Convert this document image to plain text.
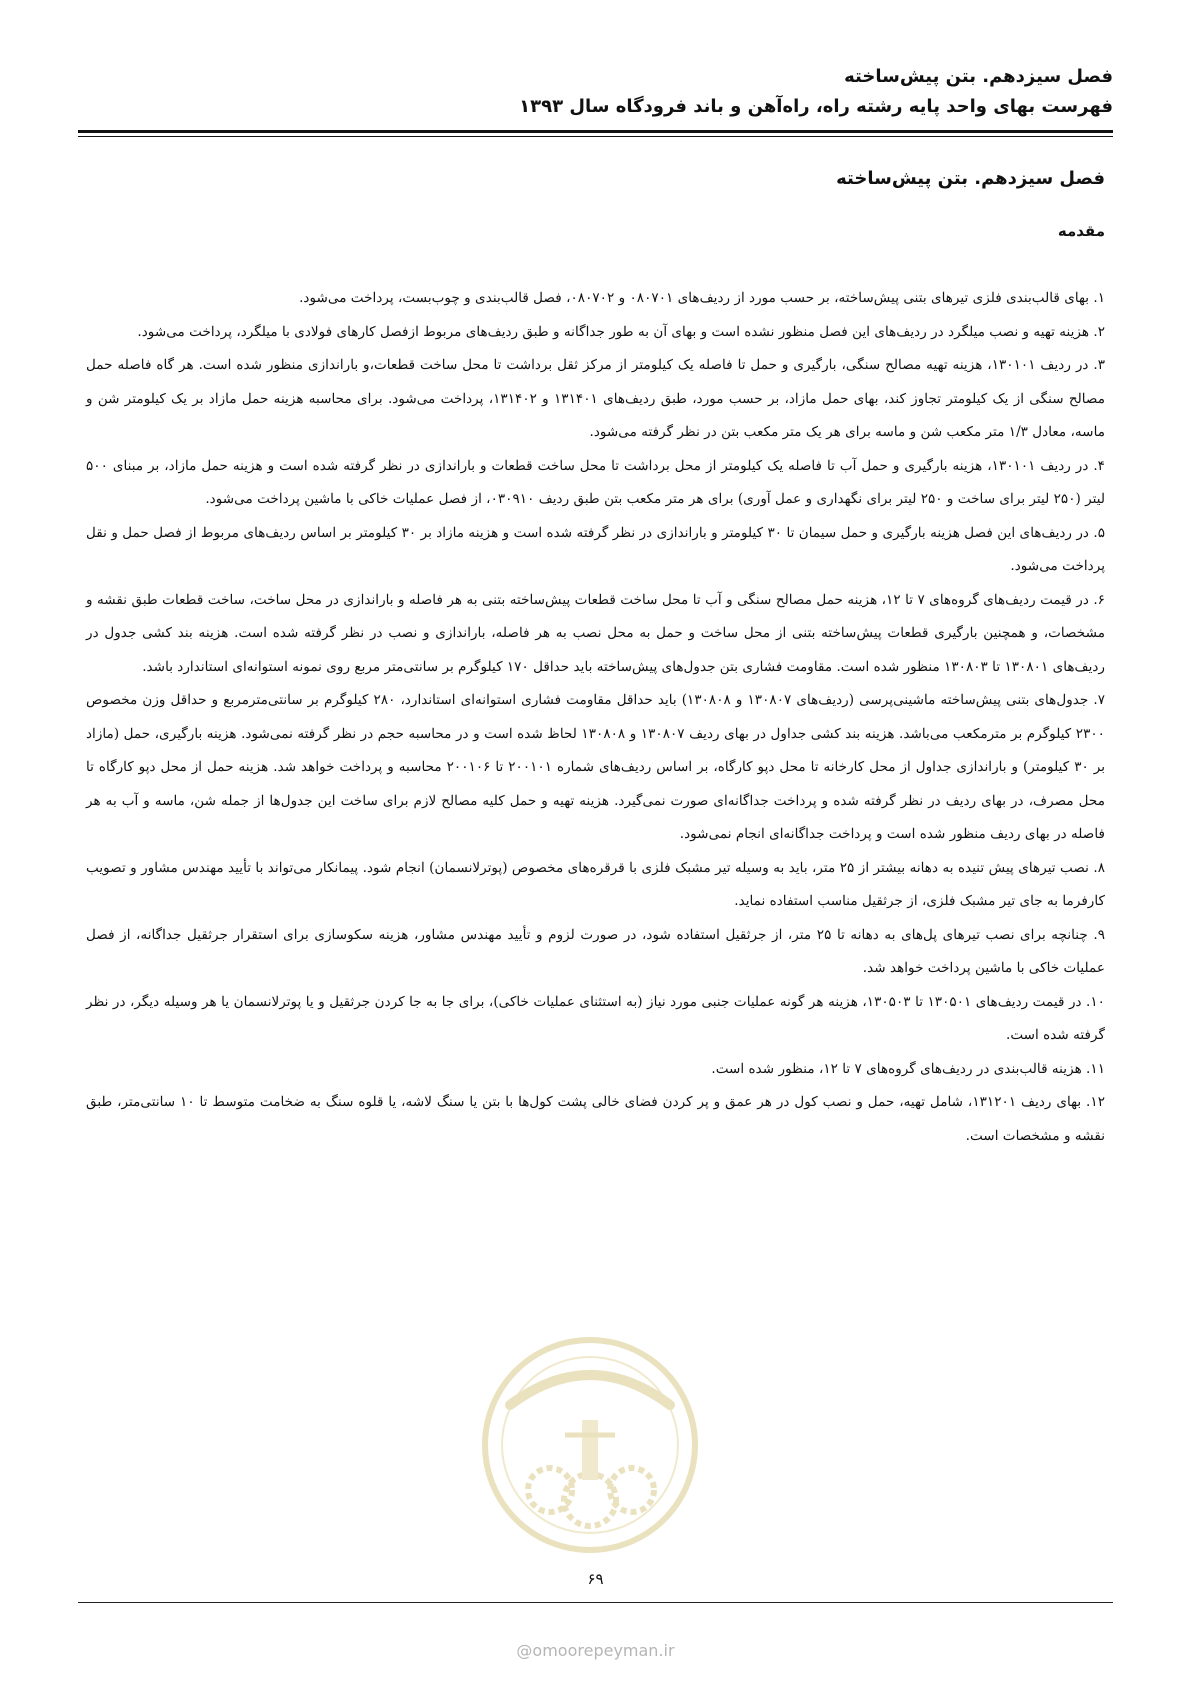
فصل سیزدهم. بتن پیش‌ساخته
فهرست بهای واحد پایه رشته راه، راه‌آهن و باند فرودگاه سال ۱۳۹۳
فصل سیزدهم. بتن پیش‌ساخته
مقدمه

۱. بهای قالب‌بندی فلزی تیرهای بتنی پیش‌ساخته، بر حسب مورد از ردیف‌های ۰۸۰۷۰۱ و ۰۸۰۷۰۲، فصل قالب‌بندی و چوب‌بست، پرداخت می‌شود.

۲. هزینه تهیه و نصب میلگرد در ردیف‌های این فصل منظور نشده است و بهای آن به طور جداگانه و طبق ردیف‌های مربوط ازفصل کارهای فولادی با میلگرد، پرداخت می‌شود.

۳. در ردیف ۱۳۰۱۰۱، هزینه تهیه مصالح سنگی، بارگیری و حمل تا فاصله یک کیلومتر از مرکز ثقل برداشت تا محل ساخت قطعات،و باراندازی منظور شده است. هر گاه فاصله حمل مصالح سنگی از یک کیلومتر تجاوز کند، بهای حمل مازاد، بر حسب مورد، طبق ردیف‌های ۱۳۱۴۰۱ و ۱۳۱۴۰۲، پرداخت می‌شود. برای محاسبه هزینه حمل مازاد بر یک کیلومتر شن و ماسه، معادل ۱/۳ متر مکعب شن و ماسه برای هر یک متر مکعب بتن در نظر گرفته می‌شود.

۴. در ردیف ۱۳۰۱۰۱، هزینه بارگیری و حمل آب تا فاصله یک کیلومتر از محل برداشت تا محل ساخت قطعات و باراندازی در نظر گرفته شده است و هزینه حمل مازاد، بر مبنای ۵۰۰ لیتر (۲۵۰ لیتر برای ساخت و ۲۵۰ لیتر برای نگهداری و عمل آوری) برای هر متر مکعب بتن طبق ردیف ۰۳۰۹۱۰، از فصل عملیات خاکی با ماشین پرداخت می‌شود.

۵. در ردیف‌های این فصل هزینه بارگیری و حمل سیمان تا ۳۰ کیلومتر و باراندازی در نظر گرفته شده است و هزینه مازاد بر ۳۰ کیلومتر بر اساس ردیف‌های مربوط از فصل حمل و نقل پرداخت می‌شود.

۶. در قیمت ردیف‌های گروه‌های ۷ تا ۱۲، هزینه حمل مصالح سنگی و آب تا محل ساخت قطعات پیش‌ساخته بتنی به هر فاصله و باراندازی در محل ساخت، ساخت قطعات طبق نقشه و مشخصات، و همچنین بارگیری قطعات پیش‌ساخته بتنی از محل ساخت و حمل به محل نصب به هر فاصله، باراندازی و نصب در نظر گرفته شده است. هزینه بند کشی جدول در ردیف‌های ۱۳۰۸۰۱ تا ۱۳۰۸۰۳ منظور شده است. مقاومت فشاری بتن جدول‌های پیش‌ساخته باید حداقل ۱۷۰ کیلوگرم بر سانتی‌متر مربع روی نمونه استوانه‌ای استاندارد باشد.

۷. جدول‌های بتنی پیش‌ساخته ماشینی‌پرسی (ردیف‌های ۱۳۰۸۰۷ و ۱۳۰۸۰۸) باید حداقل مقاومت فشاری استوانه‌ای استاندارد، ۲۸۰ کیلوگرم بر سانتی‌مترمربع و حداقل وزن مخصوص ۲۳۰۰ کیلوگرم بر مترمکعب می‌باشد. هزینه بند کشی جداول در بهای ردیف ۱۳۰۸۰۷ و ۱۳۰۸۰۸ لحاظ شده است و در محاسبه حجم در نظر گرفته نمی‌شود. هزینه بارگیری، حمل (مازاد بر ۳۰ کیلومتر) و باراندازی جداول از محل کارخانه تا محل دپو کارگاه، بر اساس ردیف‌های شماره ۲۰۰۱۰۱ تا ۲۰۰۱۰۶ محاسبه و پرداخت خواهد شد. هزینه حمل از محل دپو کارگاه تا محل مصرف، در بهای ردیف در نظر گرفته شده و پرداخت جداگانه‌ای صورت نمی‌گیرد. هزینه تهیه و حمل کلیه مصالح لازم برای ساخت این جدول‌ها از جمله شن، ماسه و آب به هر فاصله در بهای ردیف منظور شده است و پرداخت جداگانه‌ای انجام نمی‌شود.

۸. نصب تیرهای پیش تنیده به دهانه بیشتر از ۲۵ متر، باید به وسیله تیر مشبک فلزی با قرقره‌های مخصوص (پوترلانسمان) انجام شود. پیمانکار می‌تواند با تأیید مهندس مشاور و تصویب کارفرما به جای تیر مشبک فلزی، از جرثقیل مناسب استفاده نماید.

۹. چنانچه برای نصب تیرهای پل‌های به دهانه تا ۲۵ متر، از جرثقیل استفاده شود، در صورت لزوم و تأیید مهندس مشاور، هزینه سکوسازی برای استقرار جرثقیل جداگانه، از فصل عملیات خاکی با ماشین پرداخت خواهد شد.

۱۰. در قیمت ردیف‌های ۱۳۰۵۰۱ تا ۱۳۰۵۰۳، هزینه هر گونه عملیات جنبی مورد نیاز (به استثنای عملیات خاکی)، برای جا به جا کردن جرثقیل و یا پوترلانسمان یا هر وسیله دیگر، در نظر گرفته شده است.

۱۱. هزینه قالب‌بندی در ردیف‌های گروه‌های ۷ تا ۱۲، منظور شده است.

۱۲. بهای ردیف ۱۳۱۲۰۱، شامل تهیه، حمل و نصب کول در هر عمق و پر کردن فضای خالی پشت کول‌ها با بتن یا سنگ لاشه، یا قلوه سنگ به ضخامت متوسط تا ۱۰ سانتی‌متر، طبق نقشه و مشخصات است.

۶۹
@omoorepeyman.ir
